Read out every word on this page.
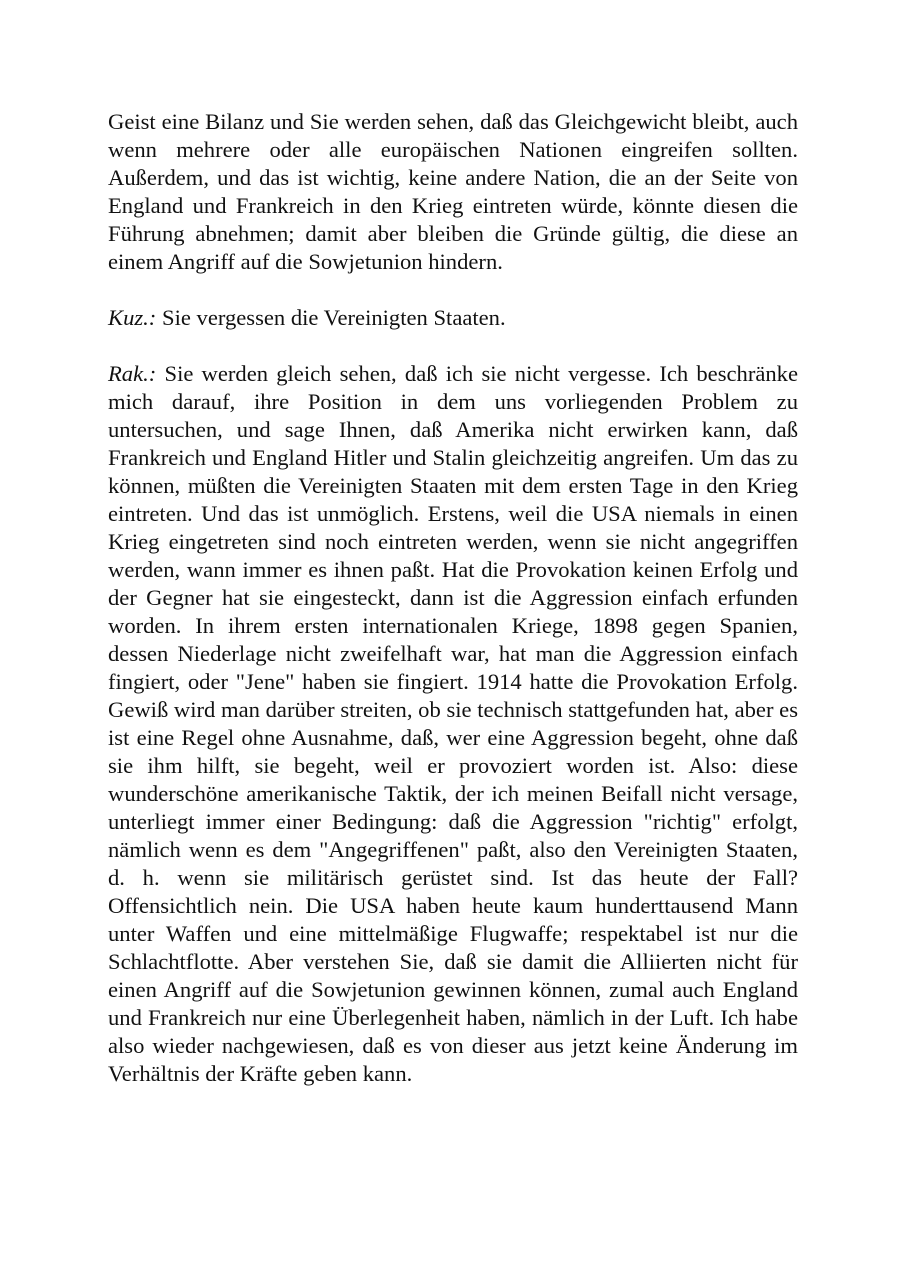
Geist eine Bilanz und Sie werden sehen, daß das Gleichgewicht bleibt, auch wenn mehrere oder alle europäischen Nationen eingreifen sollten. Außerdem, und das ist wichtig, keine andere Nation, die an der Seite von England und Frankreich in den Krieg eintreten würde, könnte diesen die Führung abnehmen; damit aber bleiben die Gründe gültig, die diese an einem Angriff auf die Sowjetunion hindern.

Kuz.: Sie vergessen die Vereinigten Staaten.

Rak.: Sie werden gleich sehen, daß ich sie nicht vergesse. Ich beschränke mich darauf, ihre Position in dem uns vorliegenden Problem zu untersuchen, und sage Ihnen, daß Amerika nicht erwirken kann, daß Frankreich und England Hitler und Stalin gleichzeitig angreifen. Um das zu können, müßten die Vereinigten Staaten mit dem ersten Tage in den Krieg eintreten. Und das ist unmöglich. Erstens, weil die USA niemals in einen Krieg eingetreten sind noch eintreten werden, wenn sie nicht angegriffen werden, wann immer es ihnen paßt. Hat die Provokation keinen Erfolg und der Gegner hat sie eingesteckt, dann ist die Aggression einfach erfunden worden. In ihrem ersten internationalen Kriege, 1898 gegen Spanien, dessen Niederlage nicht zweifelhaft war, hat man die Aggression einfach fingiert, oder "Jene" haben sie fingiert. 1914 hatte die Provokation Erfolg. Gewiß wird man darüber streiten, ob sie technisch stattgefunden hat, aber es ist eine Regel ohne Ausnahme, daß, wer eine Aggression begeht, ohne daß sie ihm hilft, sie begeht, weil er provoziert worden ist. Also: diese wunderschöne amerikanische Taktik, der ich meinen Beifall nicht versage, unterliegt immer einer Bedingung: daß die Aggression "richtig" erfolgt, nämlich wenn es dem "Angegriffenen" paßt, also den Vereinigten Staaten, d. h. wenn sie militärisch gerüstet sind. Ist das heute der Fall? Offensichtlich nein. Die USA haben heute kaum hunderttausend Mann unter Waffen und eine mittelmäßige Flugwaffe; respektabel ist nur die Schlachtflotte. Aber verstehen Sie, daß sie damit die Alliierten nicht für einen Angriff auf die Sowjetunion gewinnen können, zumal auch England und Frankreich nur eine Überlegenheit haben, nämlich in der Luft. Ich habe also wieder nachgewiesen, daß es von dieser aus jetzt keine Änderung im Verhältnis der Kräfte geben kann.
